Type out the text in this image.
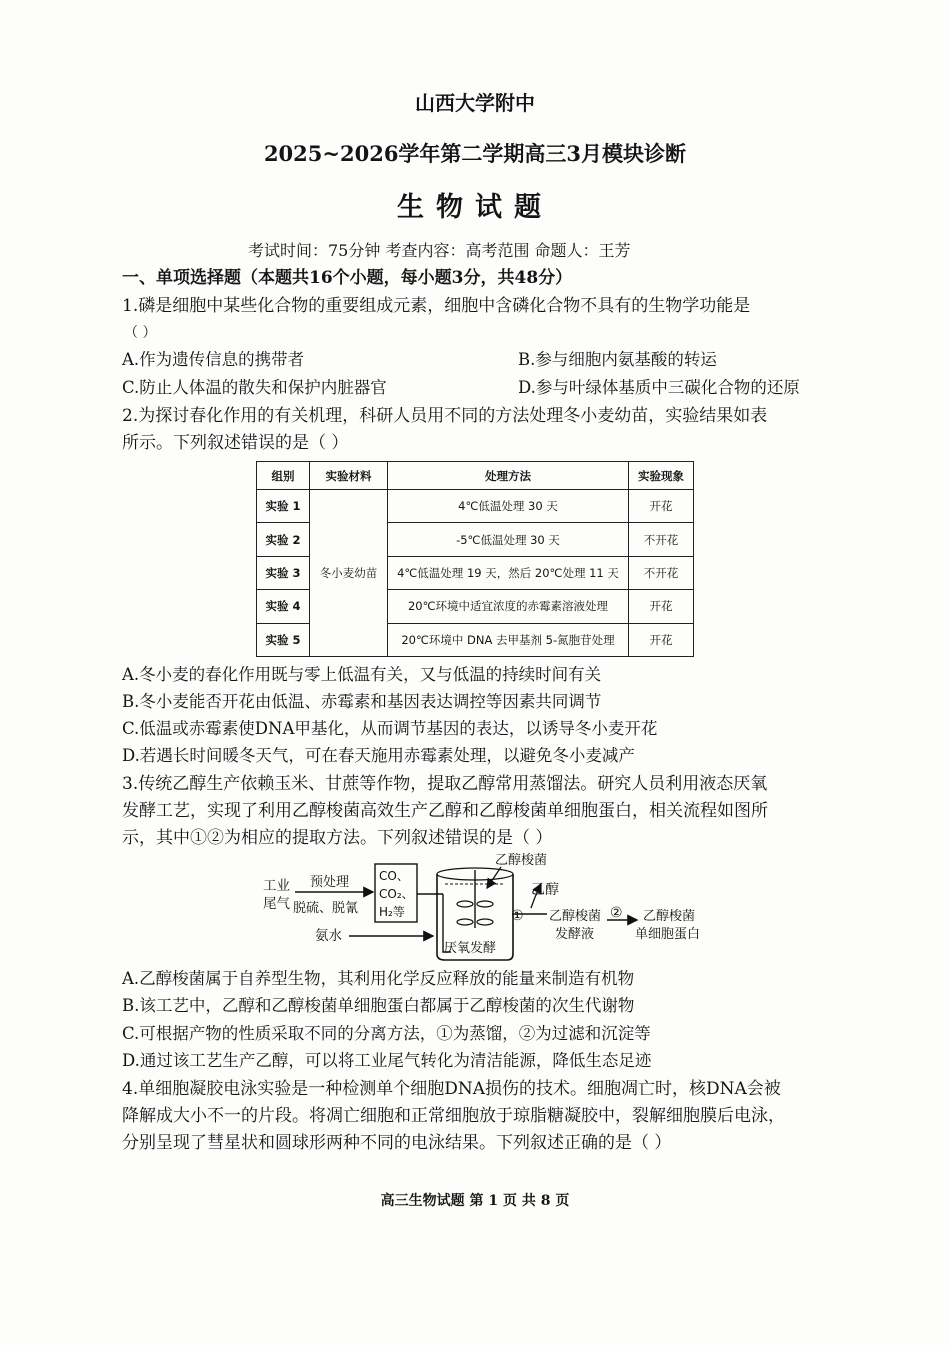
山西大学附中
2025~2026学年第二学期高三3月模块诊断
生物试题
考试时间：75分钟 考查内容：高考范围 命题人：王芳
一、单项选择题（本题共16个小题，每小题3分，共48分）
1.磷是细胞中某些化合物的重要组成元素，细胞中含磷化合物不具有的生物学功能是
（ ）
A.作为遗传信息的携带者	B.参与细胞内氨基酸的转运
C.防止人体温的散失和保护内脏器官	D.参与叶绿体基质中三碳化合物的还原
2.为探讨春化作用的有关机理，科研人员用不同的方法处理冬小麦幼苗，实验结果如表
所示。下列叙述错误的是（ ）
组别	实验材料	处理方法	实验现象
实验 1	冬小麦幼苗	4℃低温处理 30 天	开花
实验 2		-5℃低温处理 30 天	不开花
实验 3		4℃低温处理 19 天，然后 20℃处理 11 天	不开花
实验 4		20℃环境中适宜浓度的赤霉素溶液处理	开花
实验 5		20℃环境中 DNA 去甲基剂 5-氮胞苷处理	开花
A.冬小麦的春化作用既与零上低温有关，又与低温的持续时间有关
B.冬小麦能否开花由低温、赤霉素和基因表达调控等因素共同调节
C.低温或赤霉素使DNA甲基化，从而调节基因的表达，以诱导冬小麦开花
D.若遇长时间暖冬天气，可在春天施用赤霉素处理，以避免冬小麦减产
3.传统乙醇生产依赖玉米、甘蔗等作物，提取乙醇常用蒸馏法。研究人员利用液态厌氧
发酵工艺，实现了利用乙醇梭菌高效生产乙醇和乙醇梭菌单细胞蛋白，相关流程如图所
示，其中①②为相应的提取方法。下列叙述错误的是（ ）
工业
尾气
预处理
脱硫、脱氰
CO、
CO₂、
H₂等
氨水
厌氧发酵
乙醇梭菌
①
乙醇
乙醇梭菌
发酵液
② 乙醇梭菌
单细胞蛋白
A.乙醇梭菌属于自养型生物，其利用化学反应释放的能量来制造有机物
B.该工艺中，乙醇和乙醇梭菌单细胞蛋白都属于乙醇梭菌的次生代谢物
C.可根据产物的性质采取不同的分离方法，①为蒸馏，②为过滤和沉淀等
D.通过该工艺生产乙醇，可以将工业尾气转化为清洁能源，降低生态足迹
4.单细胞凝胶电泳实验是一种检测单个细胞DNA损伤的技术。细胞凋亡时，核DNA会被
降解成大小不一的片段。将凋亡细胞和正常细胞放于琼脂糖凝胶中，裂解细胞膜后电泳，
分别呈现了彗星状和圆球形两种不同的电泳结果。下列叙述正确的是（ ）
高三生物试题 第 1 页 共 8 页
